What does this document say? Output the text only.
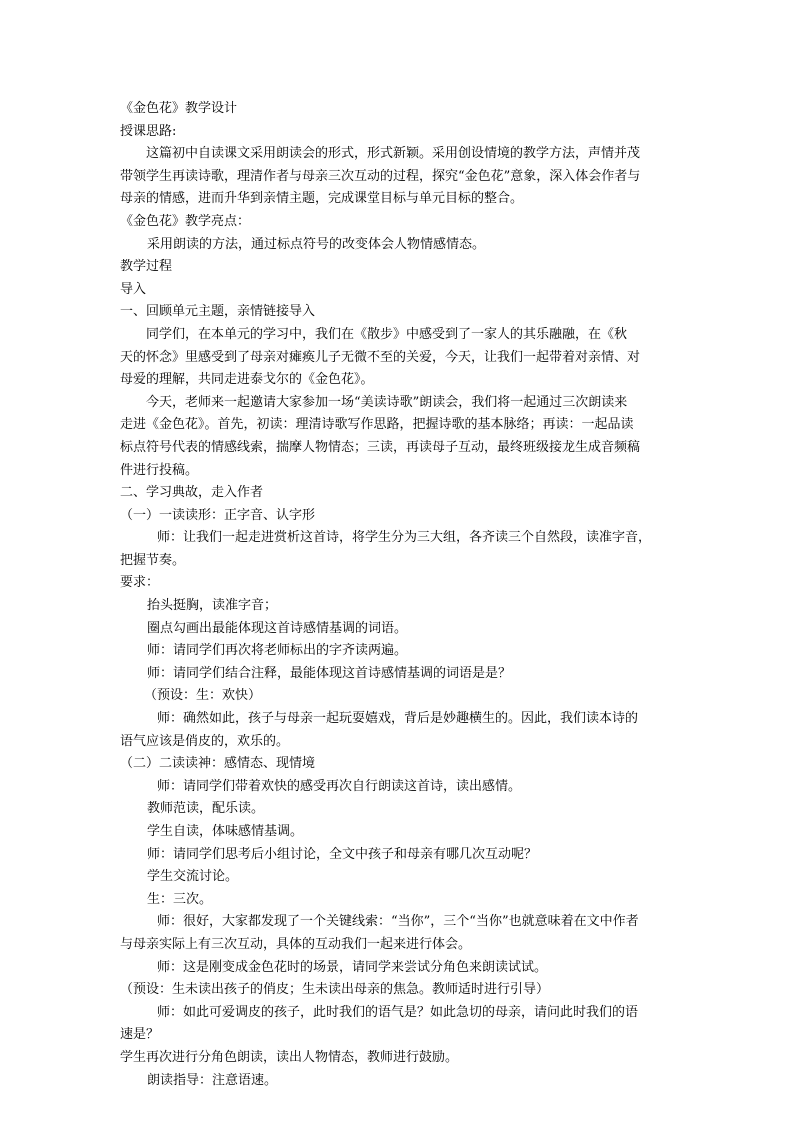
《金色花》教学设计
授课思路:
这篇初中自读课文采用朗读会的形式，形式新颖。采用创设情境的教学方法，声情并茂
带领学生再读诗歌，理清作者与母亲三次互动的过程，探究“金色花”意象，深入体会作者与
母亲的情感，进而升华到亲情主题，完成课堂目标与单元目标的整合。
《金色花》教学亮点：
采用朗读的方法，通过标点符号的改变体会人物情感情态。
教学过程
导入
一、回顾单元主题，亲情链接导入
同学们，在本单元的学习中，我们在《散步》中感受到了一家人的其乐融融，在《秋
天的怀念》里感受到了母亲对瘫痪儿子无微不至的关爱，今天，让我们一起带着对亲情、对
母爱的理解，共同走进泰戈尔的《金色花》。
今天，老师来一起邀请大家参加一场“美读诗歌”朗读会，我们将一起通过三次朗读来
走进《金色花》。首先，初读：理清诗歌写作思路，把握诗歌的基本脉络；再读：一起品读
标点符号代表的情感线索，揣摩人物情态；三读，再读母子互动，最终班级接龙生成音频稿
件进行投稿。
二、学习典故，走入作者
（一）一读读形：正字音、认字形
师：让我们一起走进赏析这首诗，将学生分为三大组，各齐读三个自然段，读准字音，
把握节奏。
要求：
抬头挺胸，读准字音；
圈点勾画出最能体现这首诗感情基调的词语。
师：请同学们再次将老师标出的字齐读两遍。
师：请同学们结合注释，最能体现这首诗感情基调的词语是是？
（预设：生：欢快）
师：确然如此，孩子与母亲一起玩耍嬉戏，背后是妙趣横生的。因此，我们读本诗的
语气应该是俏皮的，欢乐的。
（二）二读读神：感情态、现情境
师：请同学们带着欢快的感受再次自行朗读这首诗，读出感情。
教师范读，配乐读。
学生自读，体味感情基调。
师：请同学们思考后小组讨论，全文中孩子和母亲有哪几次互动呢？
学生交流讨论。
生：三次。
师：很好，大家都发现了一个关键线索：“当你”，三个“当你”也就意味着在文中作者
与母亲实际上有三次互动，具体的互动我们一起来进行体会。
师：这是刚变成金色花时的场景，请同学来尝试分角色来朗读试试。
（预设：生未读出孩子的俏皮；生未读出母亲的焦急。教师适时进行引导）
师：如此可爱调皮的孩子，此时我们的语气是？如此急切的母亲，请问此时我们的语
速是？
学生再次进行分角色朗读，读出人物情态，教师进行鼓励。
朗读指导：注意语速。
